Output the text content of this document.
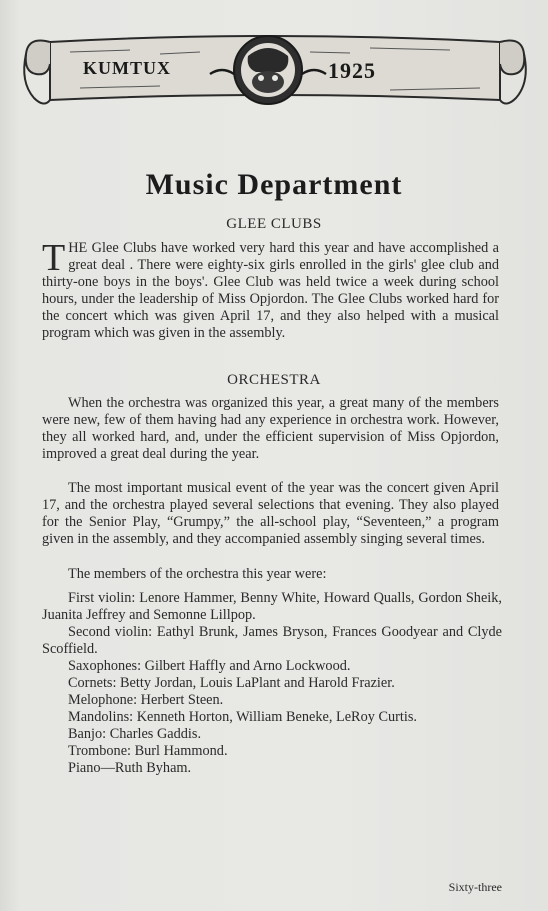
KUMTUX	1925
Music Department
GLEE CLUBS
THE Glee Clubs have worked very hard this year and have accomplished a great deal . There were eighty-six girls enrolled in the girls' glee club and thirty-one boys in the boys'. Glee Club was held twice a week during school hours, under the leadership of Miss Opjordon. The Glee Clubs worked hard for the concert which was given April 17, and they also helped with a musical program which was given in the assembly.
ORCHESTRA
When the orchestra was organized this year, a great many of the members were new, few of them having had any experience in orchestra work. However, they all worked hard, and, under the efficient supervision of Miss Opjordon, improved a great deal during the year.
The most important musical event of the year was the concert given April 17, and the orchestra played several selections that evening. They also played for the Senior Play, “Grumpy,” the all-school play, “Seventeen,” a program given in the assembly, and they accompanied assembly singing several times.
The members of the orchestra this year were:
First violin: Lenore Hammer, Benny White, Howard Qualls, Gordon Sheik, Juanita Jeffrey and Semonne Lillpop.
Second violin: Eathyl Brunk, James Bryson, Frances Goodyear and Clyde Scoffield.
Saxophones: Gilbert Haffly and Arno Lockwood.
Cornets: Betty Jordan, Louis LaPlant and Harold Frazier.
Melophone: Herbert Steen.
Mandolins: Kenneth Horton, William Beneke, LeRoy Curtis.
Banjo: Charles Gaddis.
Trombone: Burl Hammond.
Piano—Ruth Byham.
Sixty-three
